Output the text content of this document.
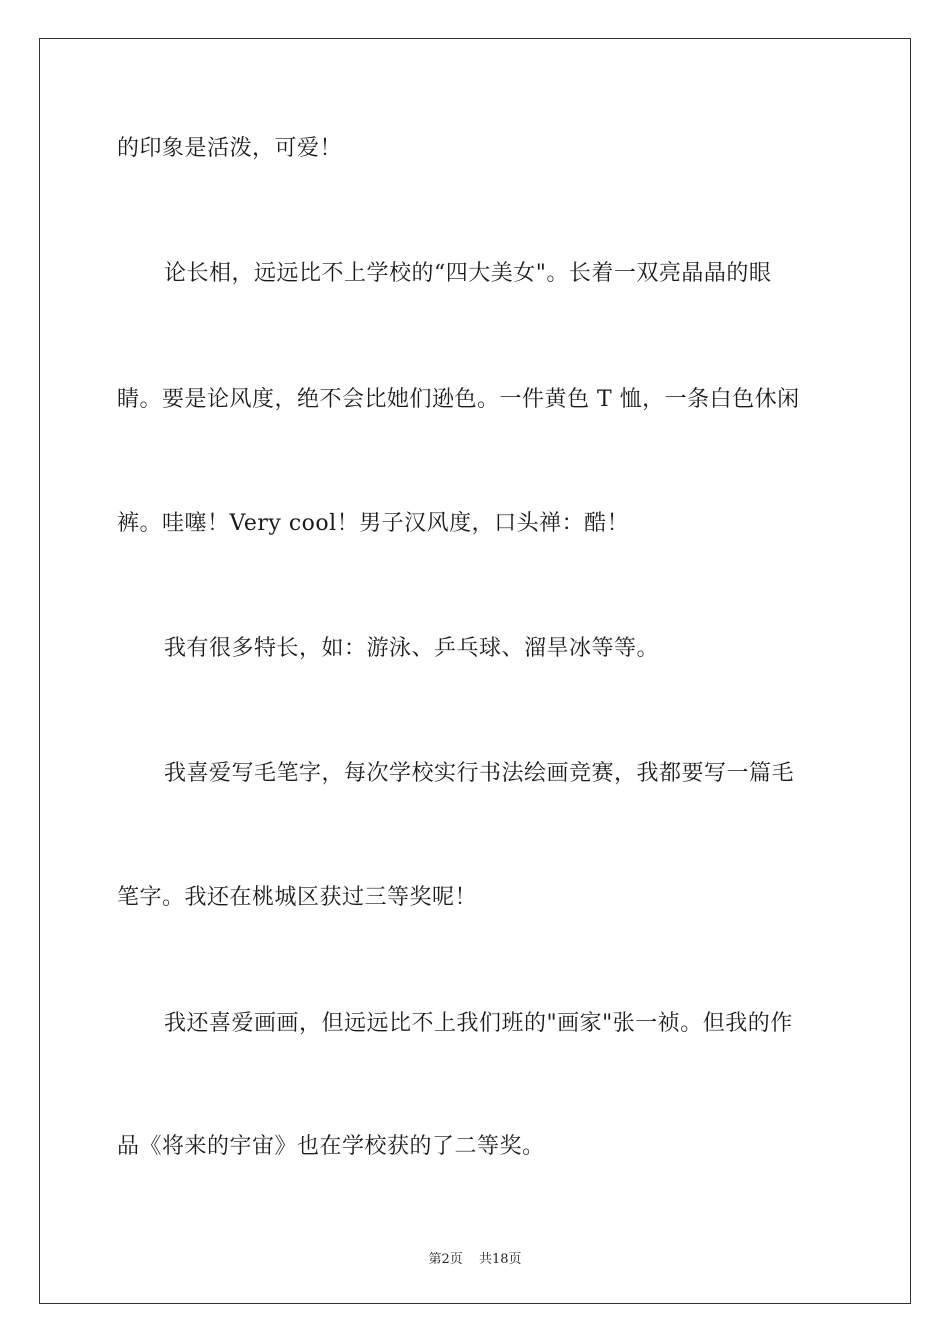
的印象是活泼，可爱！
论长相，远远比不上学校的“四大美女"。长着一双亮晶晶的眼
睛。要是论风度，绝不会比她们逊色。一件黄色 T 恤，一条白色休闲
裤。哇噻！Very cool！男子汉风度，口头禅：酷！
我有很多特长，如：游泳、乒乓球、溜旱冰等等。
我喜爱写毛笔字，每次学校实行书法绘画竞赛，我都要写一篇毛
笔字。我还在桃城区获过三等奖呢！
我还喜爱画画，但远远比不上我们班的"画家"张一祯。但我的作
品《将来的宇宙》也在学校获的了二等奖。
第2页 共18页
